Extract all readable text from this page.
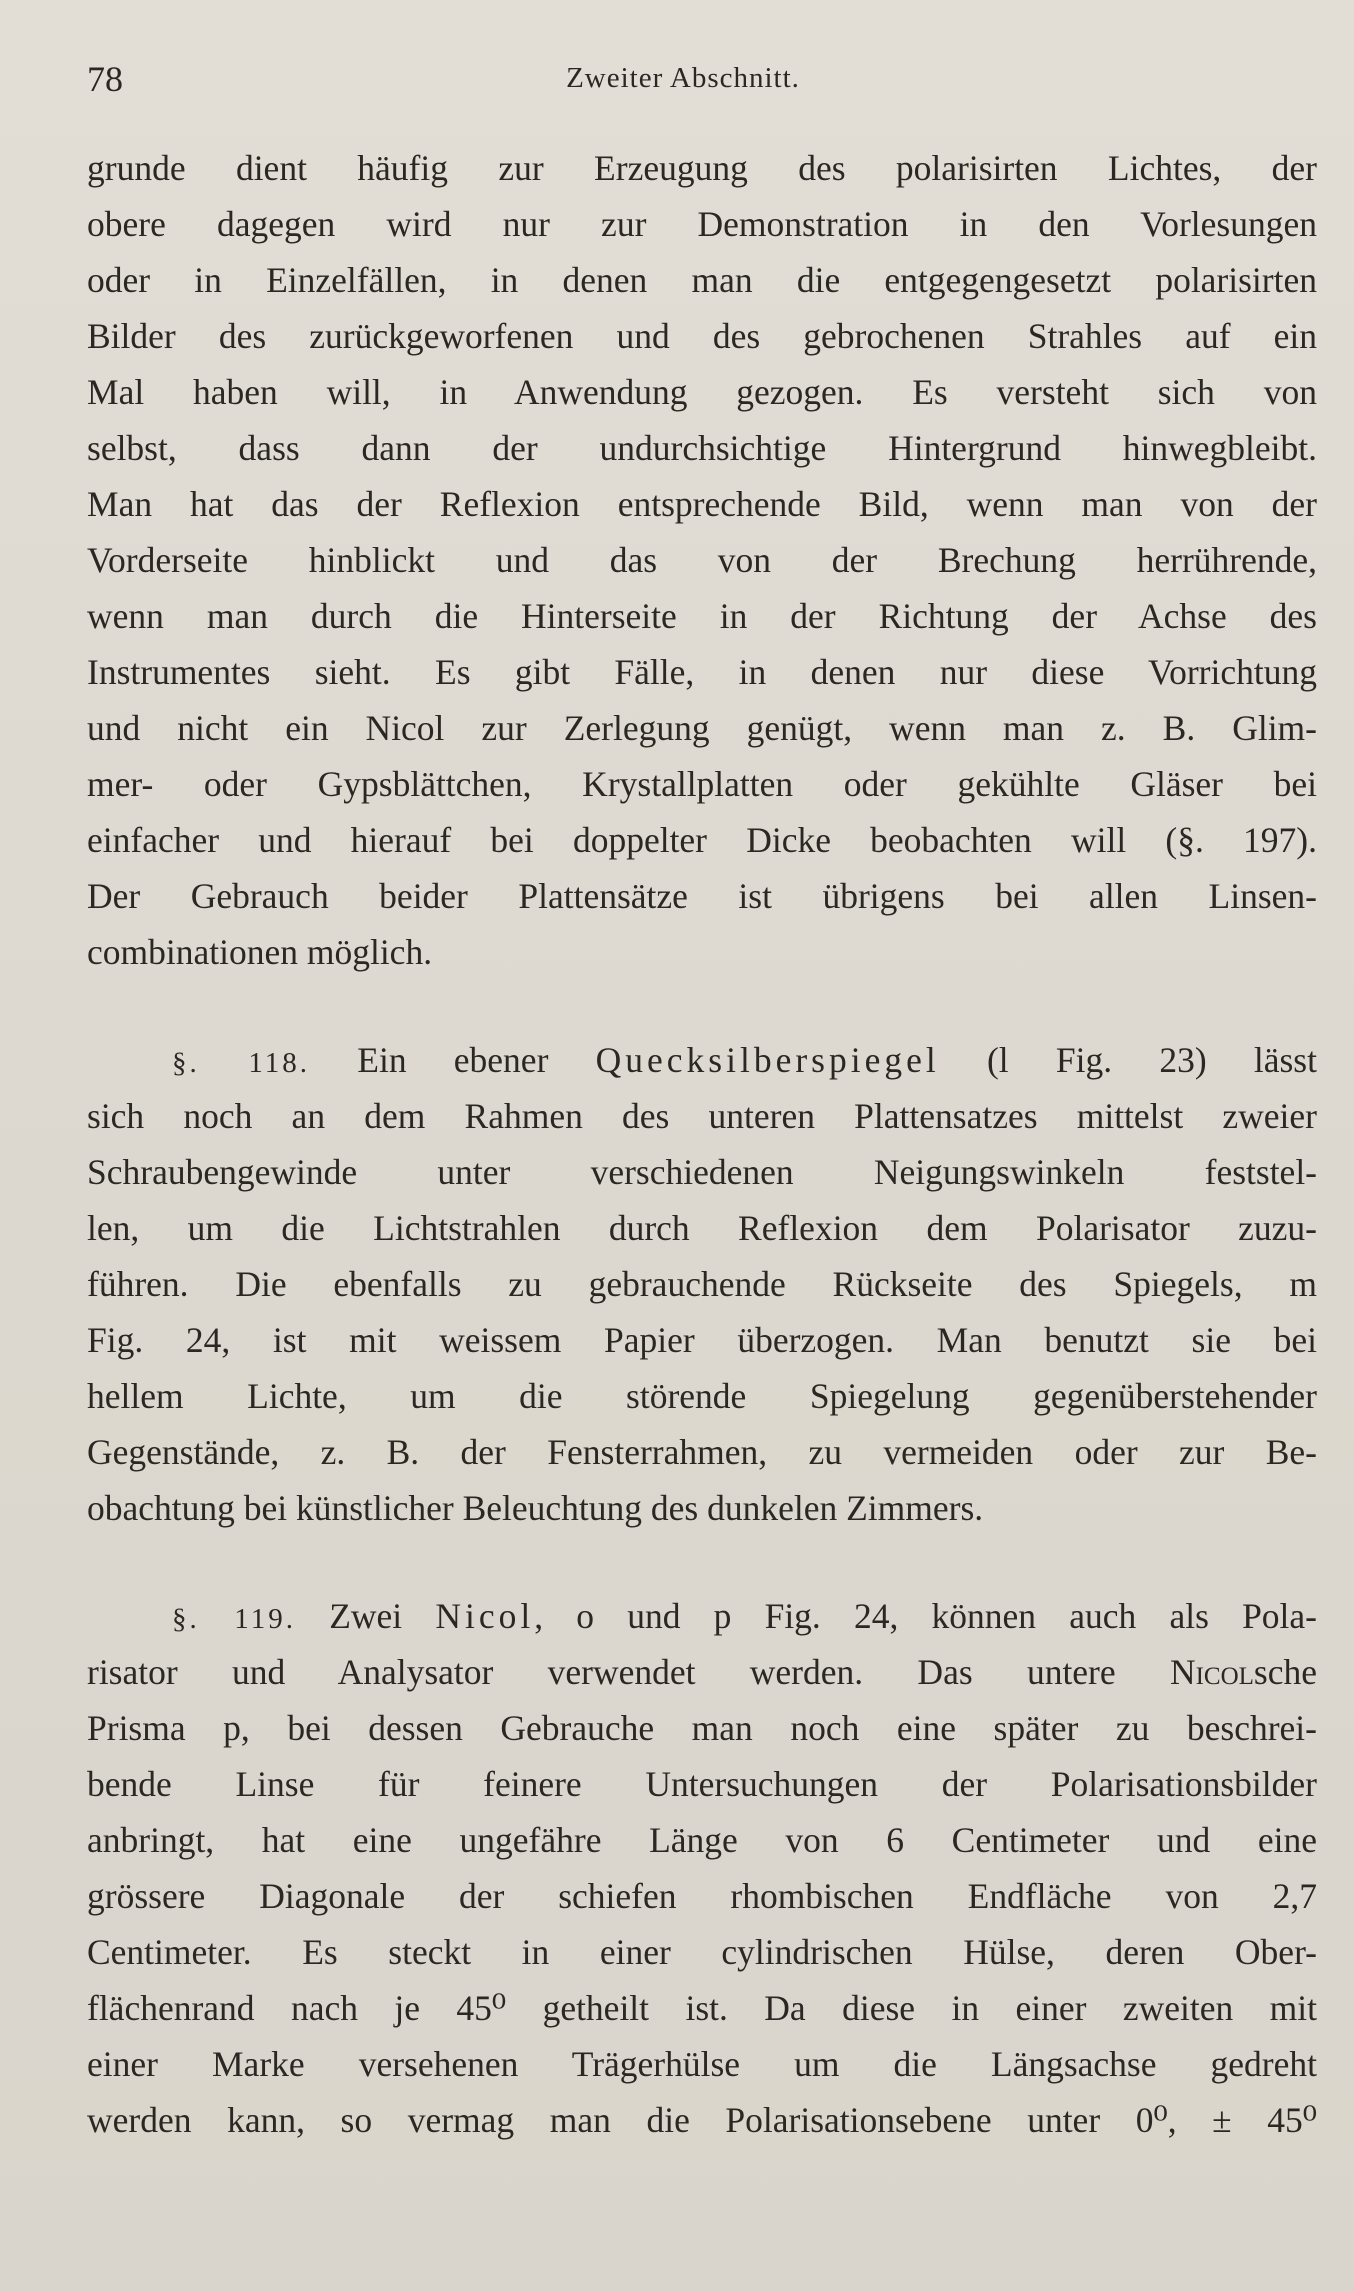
78	Zweiter Abschnitt.
grunde dient häufig zur Erzeugung des polarisirten Lichtes, der
obere dagegen wird nur zur Demonstration in den Vorlesungen
oder in Einzelfällen, in denen man die entgegengesetzt polarisirten
Bilder des zurückgeworfenen und des gebrochenen Strahles auf ein
Mal haben will, in Anwendung gezogen. Es versteht sich von
selbst, dass dann der undurchsichtige Hintergrund hinwegbleibt.
Man hat das der Reflexion entsprechende Bild, wenn man von der
Vorderseite hinblickt und das von der Brechung herrührende,
wenn man durch die Hinterseite in der Richtung der Achse des
Instrumentes sieht. Es gibt Fälle, in denen nur diese Vorrichtung
und nicht ein Nicol zur Zerlegung genügt, wenn man z. B. Glim-
mer- oder Gypsblättchen, Krystallplatten oder gekühlte Gläser bei
einfacher und hierauf bei doppelter Dicke beobachten will (§. 197).
Der Gebrauch beider Plattensätze ist übrigens bei allen Linsen-
combinationen möglich.
§. 118. Ein ebener Quecksilberspiegel (l Fig. 23) lässt
sich noch an dem Rahmen des unteren Plattensatzes mittelst zweier
Schraubengewinde unter verschiedenen Neigungswinkeln feststel-
len, um die Lichtstrahlen durch Reflexion dem Polarisator zuzu-
führen. Die ebenfalls zu gebrauchende Rückseite des Spiegels, m
Fig. 24, ist mit weissem Papier überzogen. Man benutzt sie bei
hellem Lichte, um die störende Spiegelung gegenüberstehender
Gegenstände, z. B. der Fensterrahmen, zu vermeiden oder zur Be-
obachtung bei künstlicher Beleuchtung des dunkelen Zimmers.
§. 119. Zwei Nicol, o und p Fig. 24, können auch als Pola-
risator und Analysator verwendet werden. Das untere Nicolsche
Prisma p, bei dessen Gebrauche man noch eine später zu beschrei-
bende Linse für feinere Untersuchungen der Polarisationsbilder
anbringt, hat eine ungefähre Länge von 6 Centimeter und eine
grössere Diagonale der schiefen rhombischen Endfläche von 2,7
Centimeter. Es steckt in einer cylindrischen Hülse, deren Ober-
flächenrand nach je 45⁰ getheilt ist. Da diese in einer zweiten mit
einer Marke versehenen Trägerhülse um die Längsachse gedreht
werden kann, so vermag man die Polarisationsebene unter 0⁰, ± 45⁰
